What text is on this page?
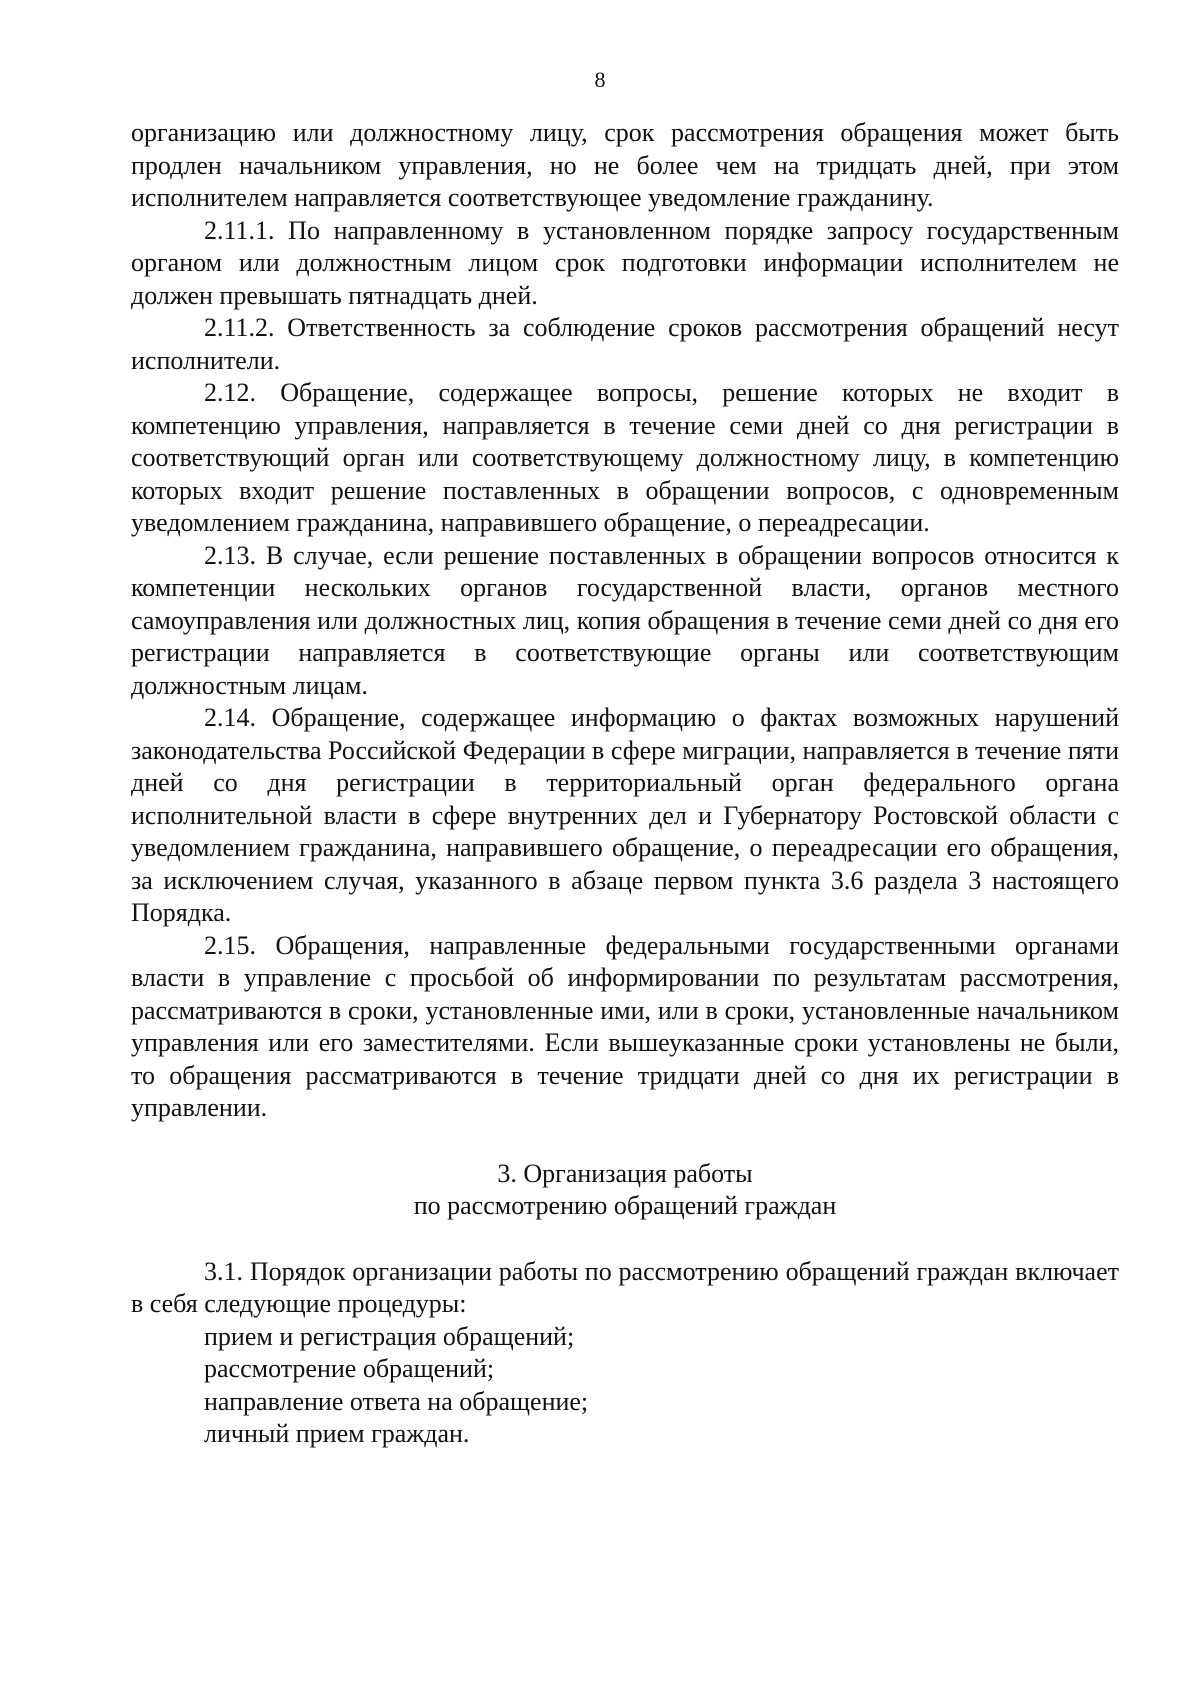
8

организацию или должностному лицу, срок рассмотрения обращения может быть продлен начальником управления, но не более чем на тридцать дней, при этом исполнителем направляется соответствующее уведомление гражданину.

2.11.1. По направленному в установленном порядке запросу государственным органом или должностным лицом срок подготовки информации исполнителем не должен превышать пятнадцать дней.

2.11.2. Ответственность за соблюдение сроков рассмотрения обращений несут исполнители.

2.12. Обращение, содержащее вопросы, решение которых не входит в компетенцию управления, направляется в течение семи дней со дня регистрации в соответствующий орган или соответствующему должностному лицу, в компетенцию которых входит решение поставленных в обращении вопросов, с одновременным уведомлением гражданина, направившего обращение, о переадресации.

2.13. В случае, если решение поставленных в обращении вопросов относится к компетенции нескольких органов государственной власти, органов местного самоуправления или должностных лиц, копия обращения в течение семи дней со дня его регистрации направляется в соответствующие органы или соответствующим должностным лицам.

2.14. Обращение, содержащее информацию о фактах возможных нарушений законодательства Российской Федерации в сфере миграции, направляется в течение пяти дней со дня регистрации в территориальный орган федерального органа исполнительной власти в сфере внутренних дел и Губернатору Ростовской области с уведомлением гражданина, направившего обращение, о переадресации его обращения, за исключением случая, указанного в абзаце первом пункта 3.6 раздела 3 настоящего Порядка.

2.15. Обращения, направленные федеральными государственными органами власти в управление с просьбой об информировании по результатам рассмотрения, рассматриваются в сроки, установленные ими, или в сроки, установленные начальником управления или его заместителями. Если вышеуказанные сроки установлены не были, то обращения рассматриваются в течение тридцати дней со дня их регистрации в управлении.

3. Организация работы

по рассмотрению обращений граждан

3.1. Порядок организации работы по рассмотрению обращений граждан включает в себя следующие процедуры:

прием и регистрация обращений;

рассмотрение обращений;

направление ответа на обращение;

личный прием граждан.
